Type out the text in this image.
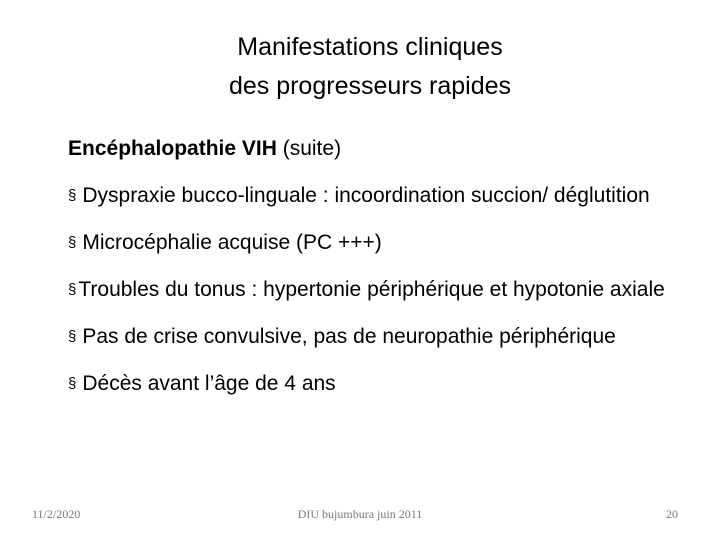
Manifestations cliniques
des progresseurs rapides

Encéphalopathie VIH (suite)

§ Dyspraxie bucco-linguale : incoordination succion/ déglutition

§ Microcéphalie acquise (PC +++)

§Troubles du tonus : hypertonie périphérique et hypotonie axiale

§ Pas de crise convulsive, pas de neuropathie périphérique

§ Décès avant l’âge de 4 ans

11/2/2020	DIU bujumbura juin 2011	20
